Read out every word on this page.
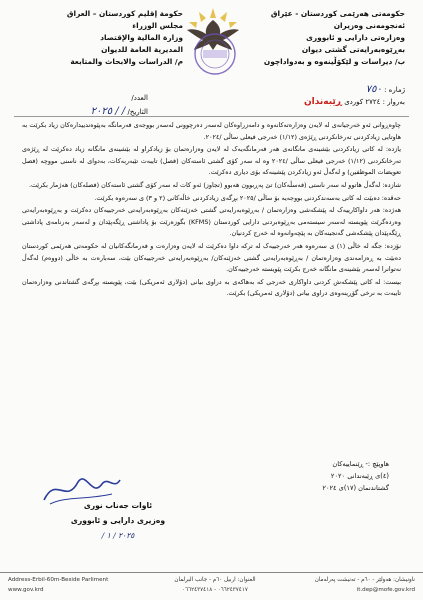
حکومەتی هەرێمی کوردستان - عێراق
ئەنجومەنی وەزیران
وەزارەتی دارایی و ئابووری
بەڕێوەبەرایەتی گشتی دیوان
ب/ دیراسات و لێکۆڵینەوە و بەدواداچون
حكومة إقليم كوردستان – العراق
مجلس الوزراء
وزارة المالية والإقتصاد
المديرية العامة للديوان
م/ الدراسات والابحاث والمتابعة
ژمارە : ٧٥٠
بەروار : ٢٧٢٤ کوردی ڕێبەندان
العدد/
التاريخ/ / / ٢٠٢٥

چاوەڕوانی ئەو خەرجیانەی لە لایەن وەزارەتەکانەوە و دامەزراوەکان لەسەر دەرچوونی لەسەر بووجەی فەرمانگە بەپێوەندییدارەکان زیاد بکرێت بە هاوتایی زیادکردنی تەرخانکردنی ڕێژەی (١/١٢) خەرجی فیعلی ساڵی /٢٠٢٤.

یازدە: لە کاتی زیادکردنی بێشینەی مانگانەی هەر فەرمانگەیەک لە لایەن وەزارەتمان بۆ زیادکراو لە بێشینەی مانگانە زیاد دەکرێت لە ڕێژەی تەرخانکردنی (١/١٢) خەرجی فیعلی ساڵی /٢٠٢٤ وە لە سەر کۆی گشتی ئاستەکان (فصل) تایبەت تێبەربەکات، بەدوای لە ناسنی مووچە (فصل تعويضات الموظفين) و لەگەڵ ئەو زیادکردن پێشینەکە بۆی دیاری دەکرێت.

شازدە: لەگەڵ هاتوو لە سەر ناستی (فەسڵەکان) تێ پەڕبوون هەبوو (تجاوز) ئەو کات لە سەر کۆی گشتی ئاستەکان (فصلەکان) هەژمار بکرێت.

حەڤدە: دەبێت لە کاتی بەسەندکردنی بووجەیە بۆ ساڵی /٢٠٢٥ بڕگەی زیادکردنی خاڵەکانی (٢ و ٣) ی سەرەوە بکرێت.

هەژدە: هەر داواکارییەک لە پێشکەشی وەزارەتمان / بەڕێوەبەرایەتی گشتی خەزێنەکان بەڕێوەبەرایەتی خەرجییەکان دەکرێت و بەڕێوەبەرایەتی وەردەگرێت پێویستە لەسەر سیستەمی بەڕێوەبردنی دارایی کوردستان (KFMS) بگوزەرێت بۆ پاداشتی ڕێگەپێدان و لەسەر بەرنامەی پاداشتی ڕێگەپێدان پێشکەشی گەنجینەکان بە پێچەوانەوە لە خەرج کردنیان.

نۆزدە: جگە لە خاڵی (١) ی سەرەوە هەر خەرجییەک لە ترکە داوا دەکرێت لە لایەن وەزارەت و فەرمانگەکانیان لە حکومەتی هەرێمی کوردستان دەبێت بە ڕەزامەندی وەزارەتمان / بەڕێوەبەرایەتی گشتی خەزێنەکان/ بەڕێوەبەرایەتی خەرجییەکان بێت، سەبارەت بە خاڵی (دووەم) لەگەڵ نەتوانرا لەسەر بێشینەی مانگانە خەرج بکرێت پێویستە خەرجییەکان.

بیست: لە کاتی پێشکەش کردنی داواکاری خەرجی کە بەهاکەی بە دراوی بیانی (دۆلاری ئەمریکی) بێت، پێویستە بڕگەی گشتاندنی وەزارەتمان تایبەت بە نرخی گۆڕینەوەی دراوی بیانی (دۆلاری ئەمریکی) بکرێت.

هاوپێچ :- ڕێنماییەکان
(٤)ی ڕێبەندانی ٢٠٢٠
گشتاندنمان (١٧)ی ٢٠٢٤
ئاوات جەناب نوری
وەزیری دارایی و ئابووری
٢٠٢٥ / ١ /
Address-Erbil-60m-Beside Parliment
www.gov.krd
العنوان: اربيل ٦٠م - جانب البرلمان
٠٦٦٢٤٣٧٤١٧ - ٠٦٦٢٤٣٧٤١٨
ناونیشان: هەولێر - ٦٠م - تەنیشت پەرلەمان
it.dep@mofe.gov.krd
